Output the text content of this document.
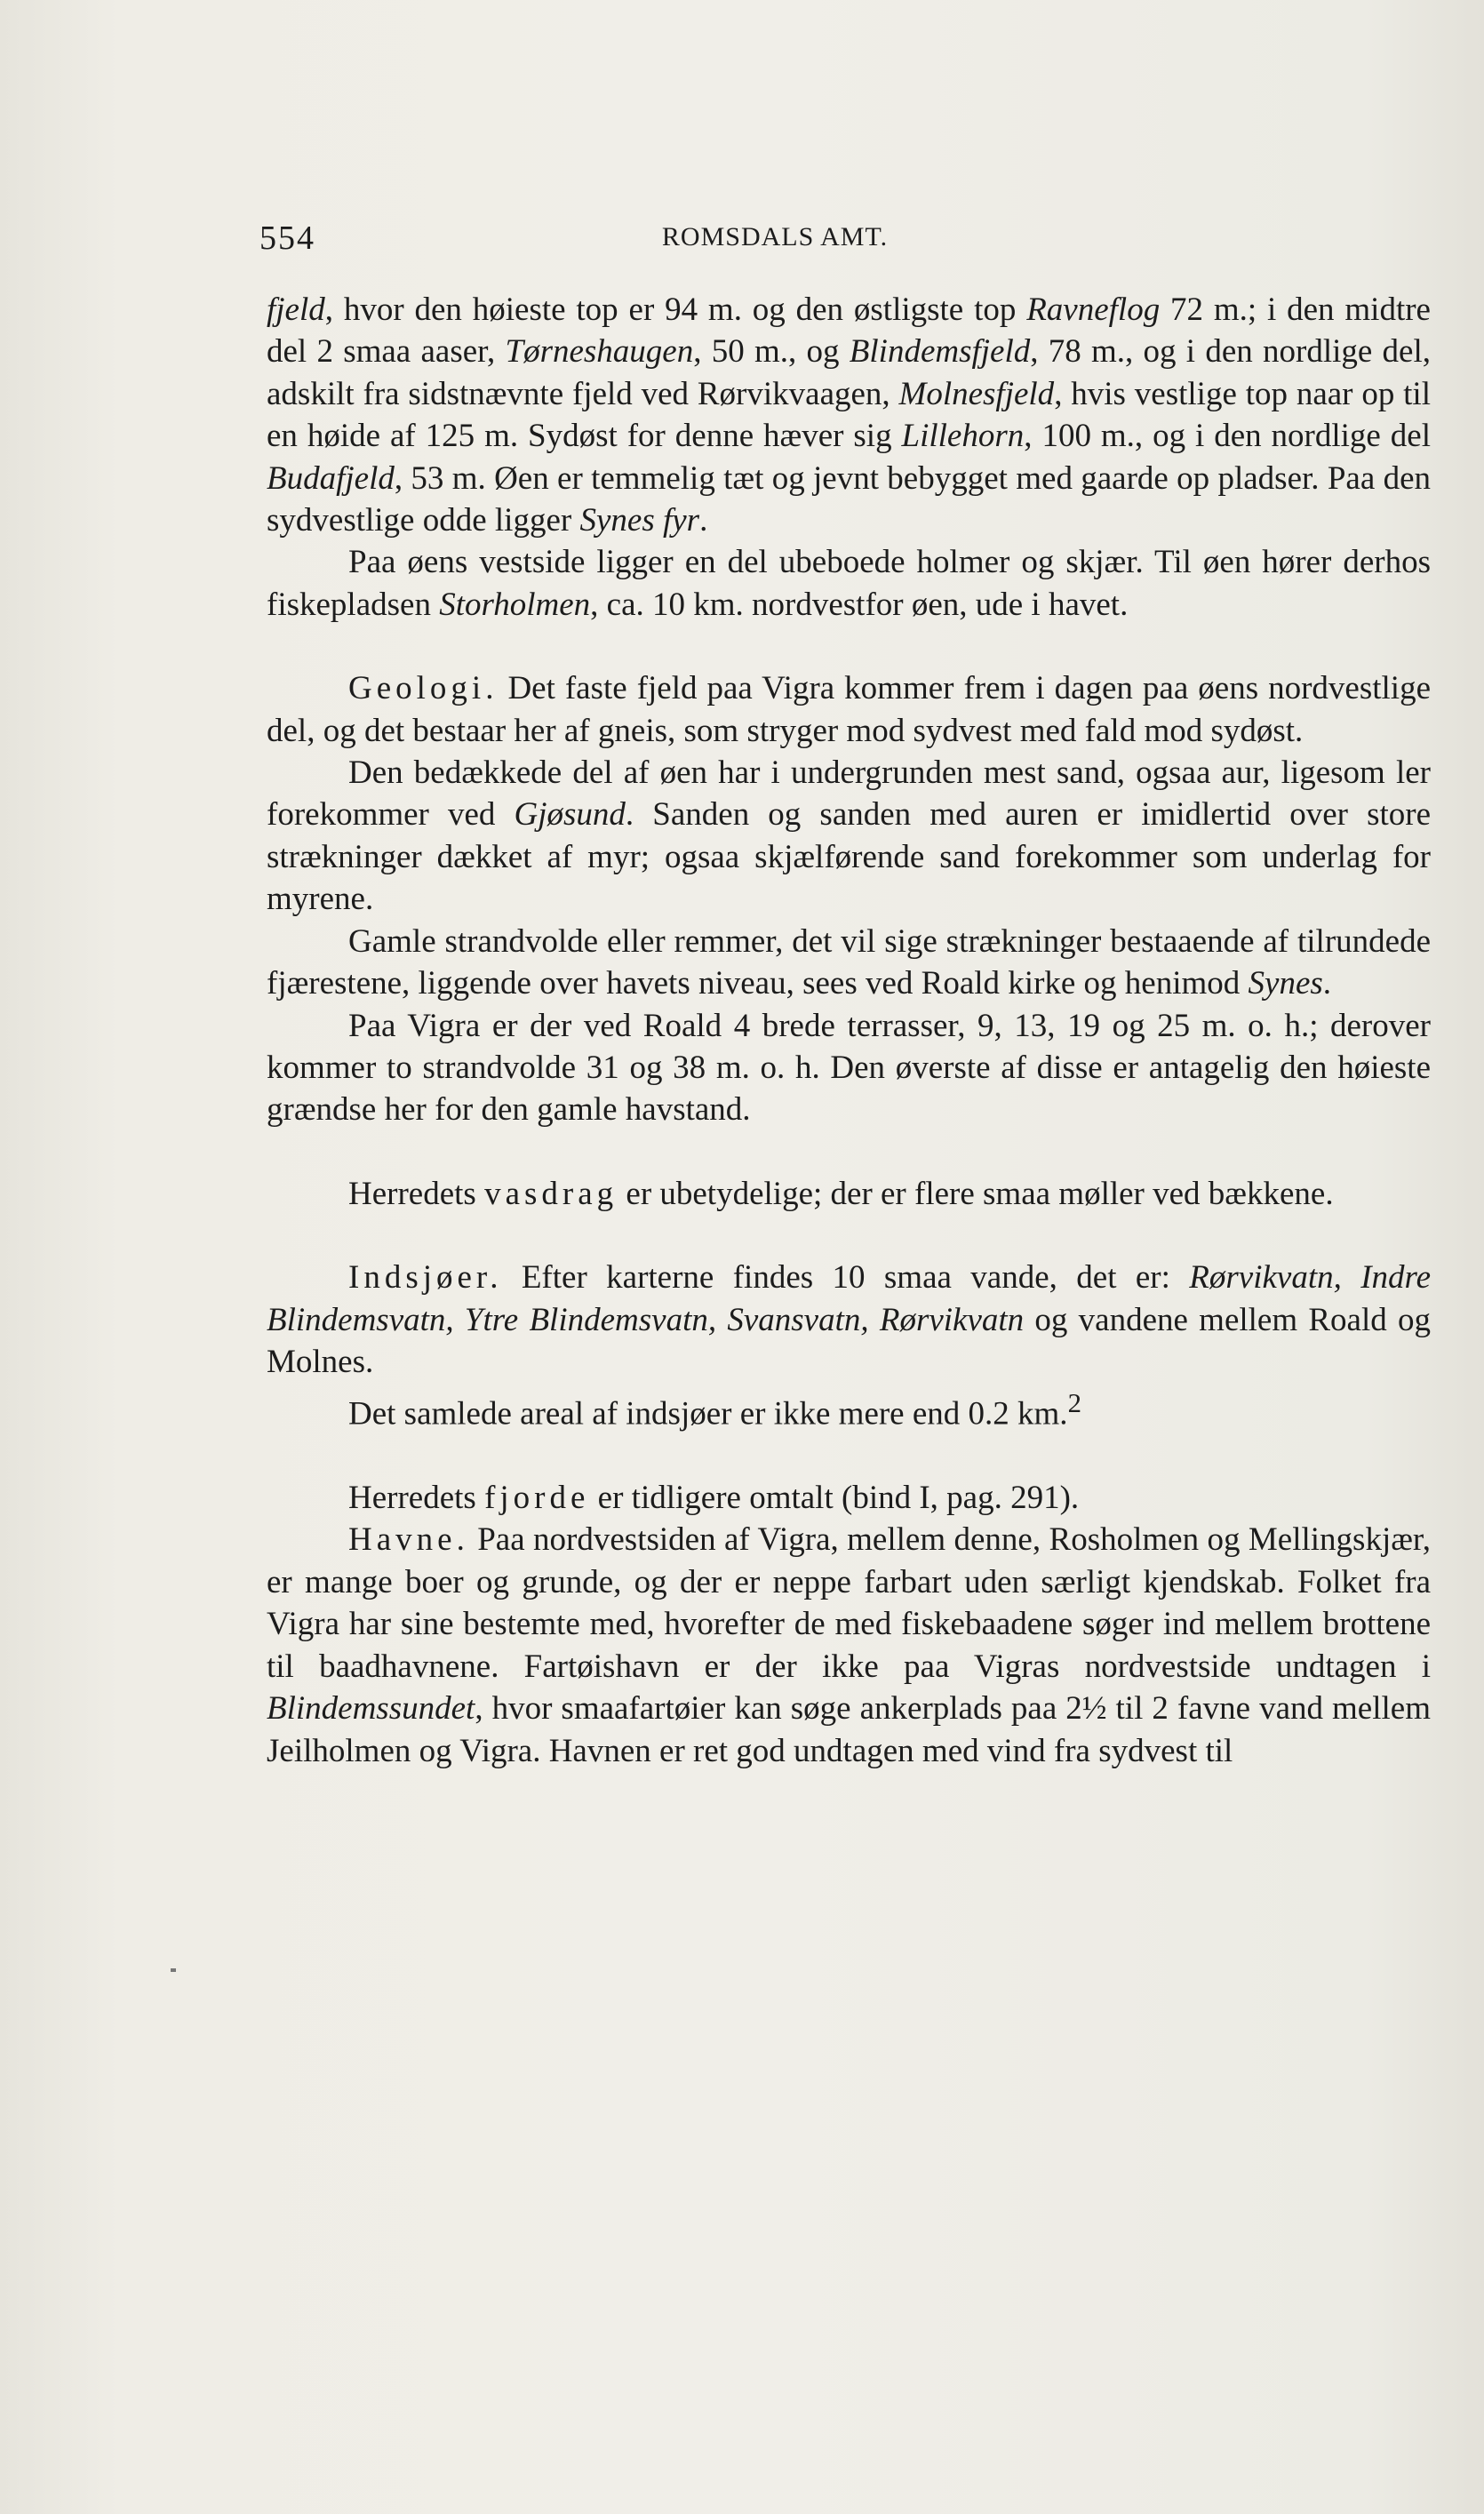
554	ROMSDALS AMT.

fjeld, hvor den høieste top er 94 m. og den østligste top Ravneflog 72 m.; i den midtre del 2 smaa aaser, Tørneshaugen, 50 m., og Blindemsfjeld, 78 m., og i den nordlige del, adskilt fra sidstnævnte fjeld ved Rørvikvaagen, Molnesfjeld, hvis vestlige top naar op til en høide af 125 m. Sydøst for denne hæver sig Lillehorn, 100 m., og i den nordlige del Budafjeld, 53 m. Øen er temmelig tæt og jevnt bebygget med gaarde op pladser. Paa den sydvestlige odde ligger Synes fyr.

Paa øens vestside ligger en del ubeboede holmer og skjær. Til øen hører derhos fiskepladsen Storholmen, ca. 10 km. nordvestfor øen, ude i havet.

Geologi. Det faste fjeld paa Vigra kommer frem i dagen paa øens nordvestlige del, og det bestaar her af gneis, som stryger mod sydvest med fald mod sydøst.

Den bedækkede del af øen har i undergrunden mest sand, ogsaa aur, ligesom ler forekommer ved Gjøsund. Sanden og sanden med auren er imidlertid over store strækninger dækket af myr; ogsaa skjælførende sand forekommer som underlag for myrene.

Gamle strandvolde eller remmer, det vil sige strækninger bestaaende af tilrundede fjærestene, liggende over havets niveau, sees ved Roald kirke og henimod Synes.

Paa Vigra er der ved Roald 4 brede terrasser, 9, 13, 19 og 25 m. o. h.; derover kommer to strandvolde 31 og 38 m. o. h. Den øverste af disse er antagelig den høieste grændse her for den gamle havstand.

Herredets vasdrag er ubetydelige; der er flere smaa møller ved bækkene.

Indsjøer. Efter karterne findes 10 smaa vande, det er: Rørvikvatn, Indre Blindemsvatn, Ytre Blindemsvatn, Svansvatn, Rørvikvatn og vandene mellem Roald og Molnes.

Det samlede areal af indsjøer er ikke mere end 0.2 km.$^2$

Herredets fjorde er tidligere omtalt (bind I, pag. 291).

Havne. Paa nordvestsiden af Vigra, mellem denne, Rosholmen og Mellingskjær, er mange boer og grunde, og der er neppe farbart uden særligt kjendskab. Folket fra Vigra har sine bestemte med, hvorefter de med fiskebaadene søger ind mellem brottene til baadhavnene. Fartøishavn er der ikke paa Vigras nordvestside undtagen i Blindemssundet, hvor smaafartøier kan søge ankerplads paa 2½ til 2 favne vand mellem Jeilholmen og Vigra. Havnen er ret god undtagen med vind fra sydvest til
